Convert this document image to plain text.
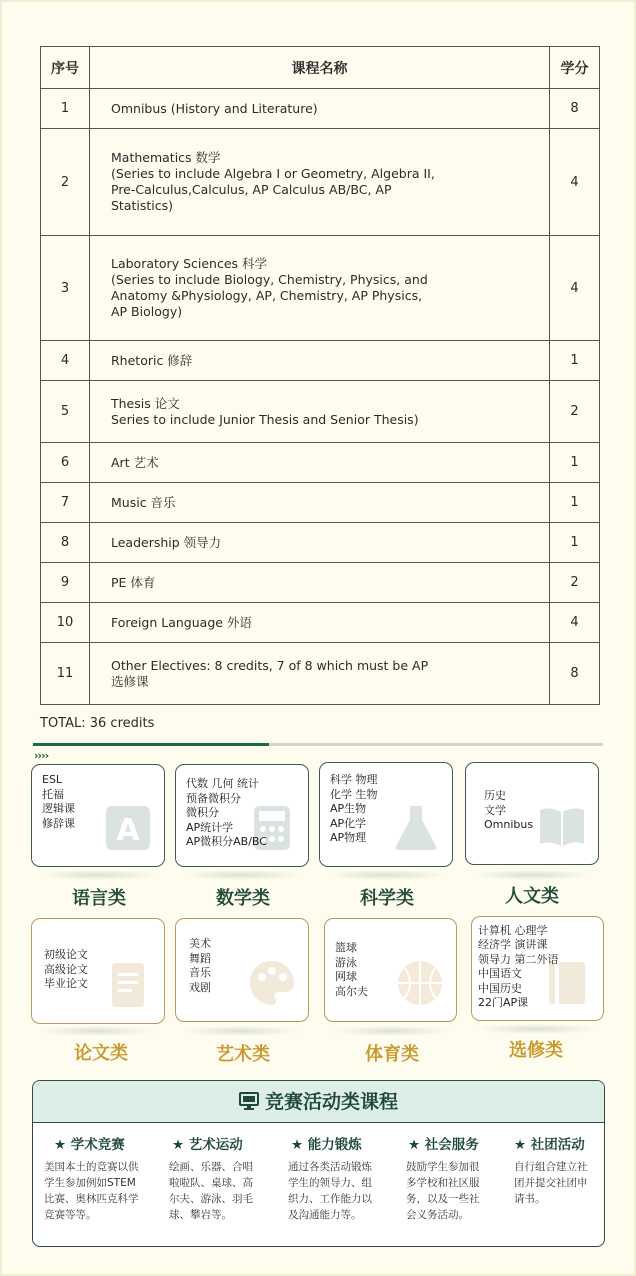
序号	课程名称	学分
1	Omnibus (History and Literature)	8
2	Mathematics 数学
(Series to include Algebra I or Geometry, Algebra II,
Pre-Calculus,Calculus, AP Calculus AB/BC, AP
Statistics)	4
3	Laboratory Sciences 科学
(Series to include Biology, Chemistry, Physics, and
Anatomy &Physiology, AP, Chemistry, AP Physics,
AP Biology)	4
4	Rhetoric 修辞	1
5	Thesis 论文
Series to include Junior Thesis and Senior Thesis)	2
6	Art 艺术	1
7	Music 音乐	1
8	Leadership 领导力	1
9	PE 体育	2
10	Foreign Language 外语	4
11	Other Electives: 8 credits, 7 of 8 which must be AP
选修课	8
TOTAL: 36 credits
››››
ESL
托福
逻辑课
修辞课	A
代数 几何 统计
预备微积分
微积分
AP统计学
AP微积分AB/BC
科学 物理
化学 生物
AP生物
AP化学
AP物理
历史
文学
Omnibus
语言类	数学类	科学类	人文类
初级论文
高级论文
毕业论文
美术
舞蹈
音乐
戏剧
篮球
游泳
网球
高尔夫
计算机 心理学
经济学 演讲课
领导力 第二外语
中国语文
中国历史
22门AP课
论文类	艺术类	体育类	选修类
竞赛活动类课程
★ 学术竞赛
美国本土的竞赛以供
学生参加例如STEM
比赛、奥林匹克科学
竞赛等等。
★ 艺术运动
绘画、乐器、合唱
啦啦队、桌球、高
尔夫、游泳、羽毛
球、攀岩等。
★ 能力锻炼
通过各类活动锻炼
学生的领导力、组
织力、工作能力以
及沟通能力等。
★ 社会服务
鼓励学生参加很
多学校和社区服
务，以及一些社
会义务活动。
★ 社团活动
自行组合建立社
团并提交社团申
请书。
